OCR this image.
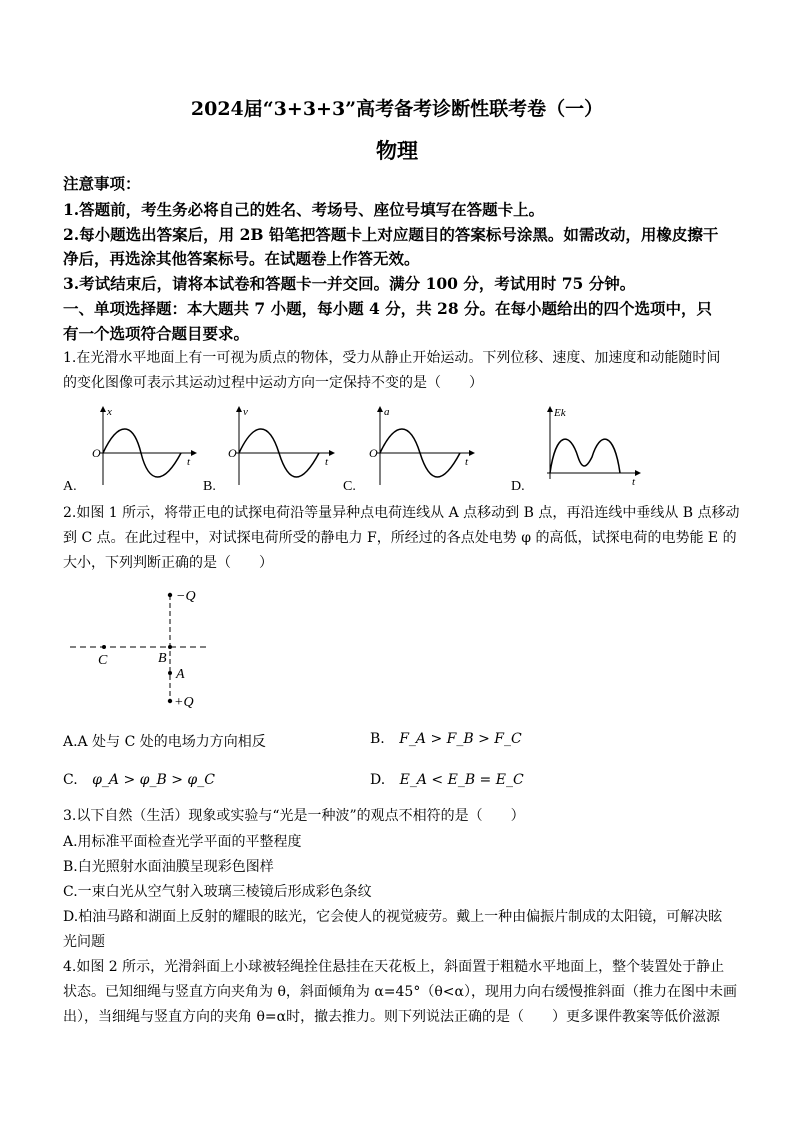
2024届“3+3+3”高考备考诊断性联考卷（一）
物理
注意事项：
1.答题前，考生务必将自己的姓名、考场号、座位号填写在答题卡上。
2.每小题选出答案后，用 2B 铅笔把答题卡上对应题目的答案标号涂黑。如需改动，用橡皮擦干
净后，再选涂其他答案标号。在试题卷上作答无效。
3.考试结束后，请将本试卷和答题卡一并交回。满分 100 分，考试用时 75 分钟。
一、单项选择题：本大题共 7 小题，每小题 4 分，共 28 分。在每小题给出的四个选项中，只
有一个选项符合题目要求。
1.在光滑水平地面上有一可视为质点的物体，受力从静止开始运动。下列位移、速度、加速度和动能随时间
的变化图像可表示其运动过程中运动方向一定保持不变的是（　　）
x
O
t
A.
v
O
t
B.
a
O
t
C.
Ek
t
D.
2.如图 1 所示，将带正电的试探电荷沿等量异种点电荷连线从 A 点移动到 B 点，再沿连线中垂线从 B 点移动
到 C 点。在此过程中，对试探电荷所受的静电力 F，所经过的各点处电势 φ 的高低，试探电荷的电势能 E 的
大小，下列判断正确的是（　　）
−Q
+Q
C	B
A
A.A 处与 C 处的电场力方向相反	B. F_A > F_B > F_C
C. φ_A > φ_B > φ_C	D. E_A < E_B = E_C
3.以下自然（生活）现象或实验与“光是一种波”的观点不相符的是（　　）
A.用标准平面检查光学平面的平整程度
B.白光照射水面油膜呈现彩色图样
C.一束白光从空气射入玻璃三棱镜后形成彩色条纹
D.柏油马路和湖面上反射的耀眼的眩光，它会使人的视觉疲劳。戴上一种由偏振片制成的太阳镜，可解决眩
光问题
4.如图 2 所示，光滑斜面上小球被轻绳拴住悬挂在天花板上，斜面置于粗糙水平地面上，整个装置处于静止
状态。已知细绳与竖直方向夹角为 θ，斜面倾角为 α=45°（θ<α），现用力向右缓慢推斜面（推力在图中未画
出），当细绳与竖直方向的夹角 θ=α时，撤去推力。则下列说法正确的是（　　）更多课件教案等低价滋源
